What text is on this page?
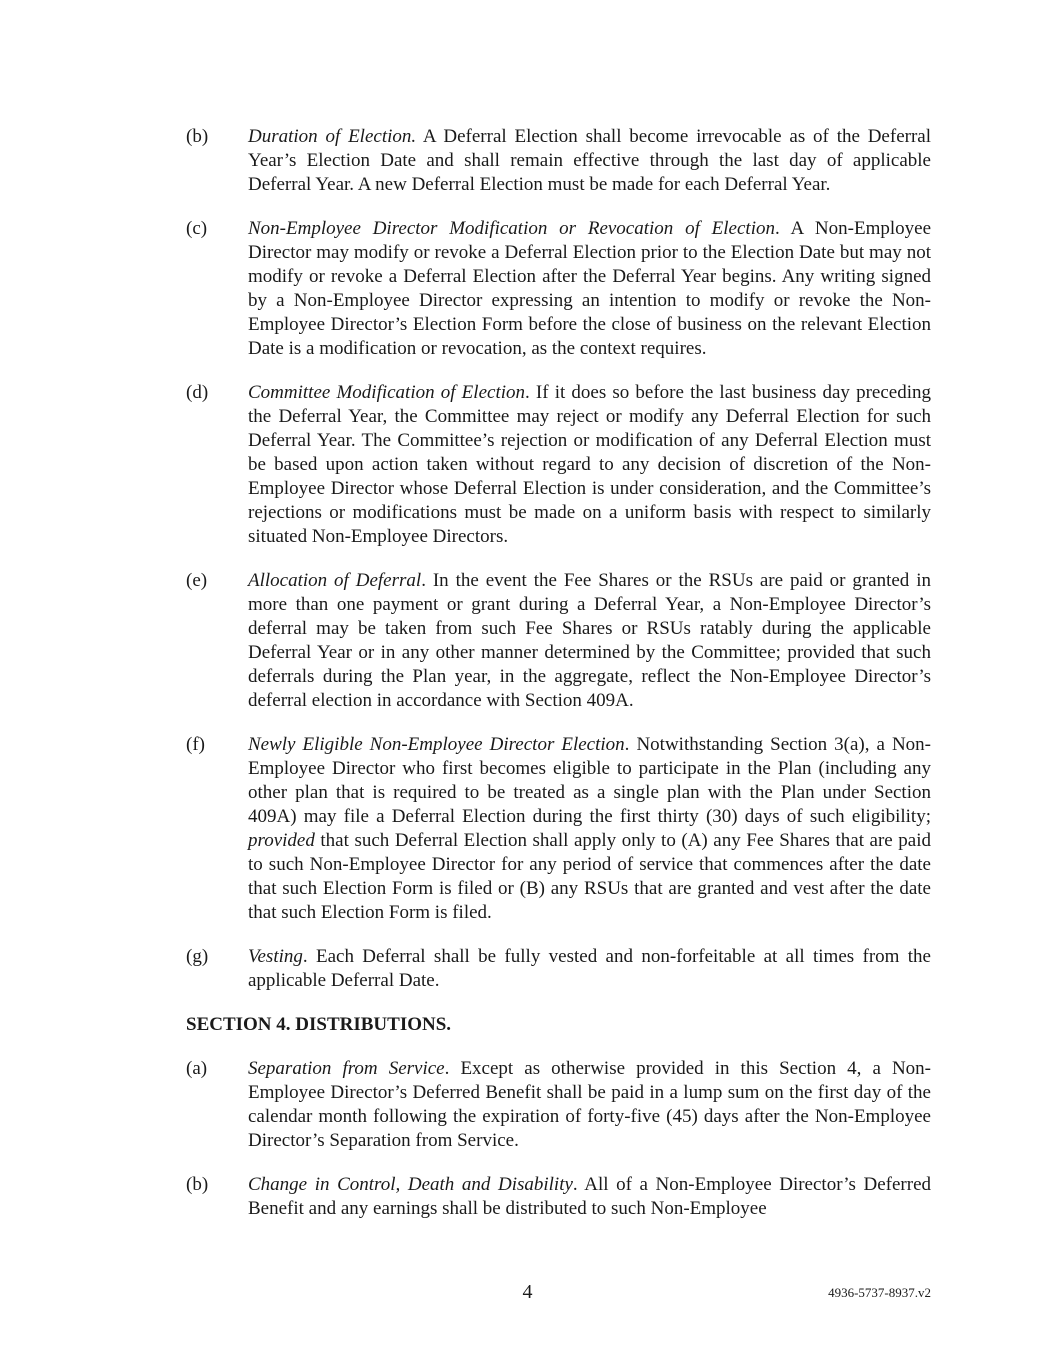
(b) Duration of Election. A Deferral Election shall become irrevocable as of the Deferral Year’s Election Date and shall remain effective through the last day of applicable Deferral Year. A new Deferral Election must be made for each Deferral Year.
(c) Non-Employee Director Modification or Revocation of Election. A Non-Employee Director may modify or revoke a Deferral Election prior to the Election Date but may not modify or revoke a Deferral Election after the Deferral Year begins. Any writing signed by a Non-Employee Director expressing an intention to modify or revoke the Non-Employee Director’s Election Form before the close of business on the relevant Election Date is a modification or revocation, as the context requires.
(d) Committee Modification of Election. If it does so before the last business day preceding the Deferral Year, the Committee may reject or modify any Deferral Election for such Deferral Year. The Committee’s rejection or modification of any Deferral Election must be based upon action taken without regard to any decision of discretion of the Non-Employee Director whose Deferral Election is under consideration, and the Committee’s rejections or modifications must be made on a uniform basis with respect to similarly situated Non-Employee Directors.
(e) Allocation of Deferral. In the event the Fee Shares or the RSUs are paid or granted in more than one payment or grant during a Deferral Year, a Non-Employee Director’s deferral may be taken from such Fee Shares or RSUs ratably during the applicable Deferral Year or in any other manner determined by the Committee; provided that such deferrals during the Plan year, in the aggregate, reflect the Non-Employee Director’s deferral election in accordance with Section 409A.
(f) Newly Eligible Non-Employee Director Election. Notwithstanding Section 3(a), a Non-Employee Director who first becomes eligible to participate in the Plan (including any other plan that is required to be treated as a single plan with the Plan under Section 409A) may file a Deferral Election during the first thirty (30) days of such eligibility; provided that such Deferral Election shall apply only to (A) any Fee Shares that are paid to such Non-Employee Director for any period of service that commences after the date that such Election Form is filed or (B) any RSUs that are granted and vest after the date that such Election Form is filed.
(g) Vesting. Each Deferral shall be fully vested and non-forfeitable at all times from the applicable Deferral Date.
SECTION 4. DISTRIBUTIONS.
(a) Separation from Service. Except as otherwise provided in this Section 4, a Non-Employee Director’s Deferred Benefit shall be paid in a lump sum on the first day of the calendar month following the expiration of forty-five (45) days after the Non-Employee Director’s Separation from Service.
(b) Change in Control, Death and Disability. All of a Non-Employee Director’s Deferred Benefit and any earnings shall be distributed to such Non-Employee
4	4936-5737-8937.v2
